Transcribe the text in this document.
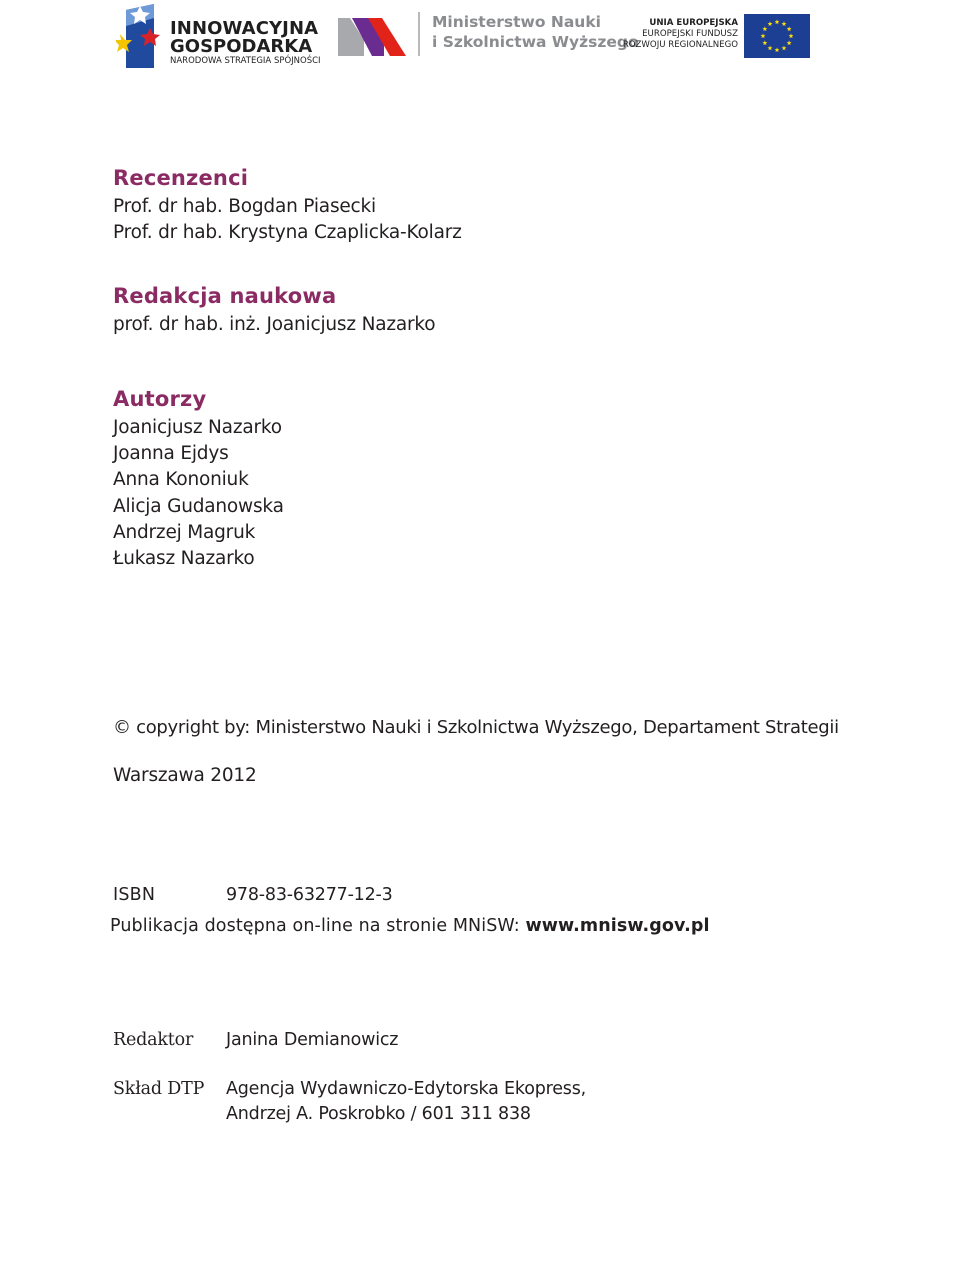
INNOWACYJNA
GOSPODARKA
NARODOWA STRATEGIA SPÓJNOŚCI
Ministerstwo Nauki
i Szkolnictwa Wyższego
UNIA EUROPEJSKA
EUROPEJSKI FUNDUSZ
ROZWOJU REGIONALNEGO
Recenzenci
Prof. dr hab. Bogdan Piasecki
Prof. dr hab. Krystyna Czaplicka-Kolarz
Redakcja naukowa
prof. dr hab. inż. Joanicjusz Nazarko
Autorzy
Joanicjusz Nazarko
Joanna Ejdys
Anna Kononiuk
Alicja Gudanowska
Andrzej Magruk
Łukasz Nazarko
© copyright by: Ministerstwo Nauki i Szkolnictwa Wyższego, Departament Strategii
Warszawa 2012
ISBN	978-83-63277-12-3
Publikacja dostępna on-line na stronie MNiSW: www.mnisw.gov.pl
Redaktor Janina Demianowicz
Skład DTP Agencja Wydawniczo-Edytorska Ekopress,
Andrzej A. Poskrobko / 601 311 838
